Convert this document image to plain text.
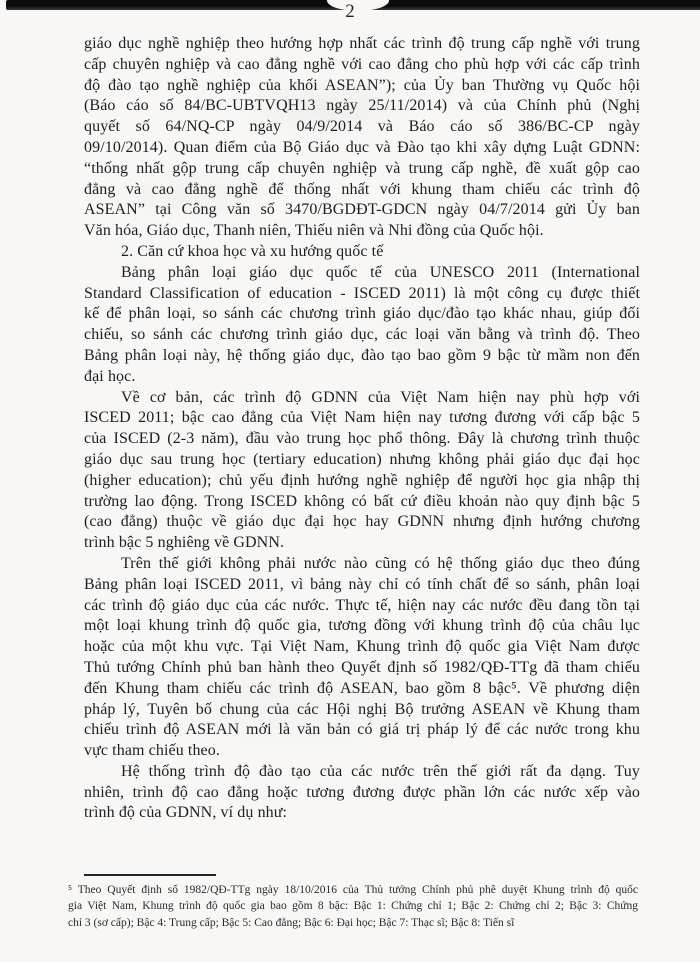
2
giáo dục nghề nghiệp theo hướng hợp nhất các trình độ trung cấp nghề với trung
cấp chuyên nghiệp và cao đẳng nghề với cao đẳng cho phù hợp với các cấp trình
độ đào tạo nghề nghiệp của khối ASEAN”); của Ủy ban Thường vụ Quốc hội
(Báo cáo số 84/BC-UBTVQH13 ngày 25/11/2014) và của Chính phủ (Nghị
quyết số 64/NQ-CP ngày 04/9/2014 và Báo cáo số 386/BC-CP ngày
09/10/2014). Quan điểm của Bộ Giáo dục và Đào tạo khi xây dựng Luật GDNN:
“thống nhất gộp trung cấp chuyên nghiệp và trung cấp nghề, đề xuất gộp cao
đẳng và cao đẳng nghề để thống nhất với khung tham chiếu các trình độ
ASEAN” tại Công văn số 3470/BGDĐT-GDCN ngày 04/7/2014 gửi Ủy ban
Văn hóa, Giáo dục, Thanh niên, Thiếu niên và Nhi đồng của Quốc hội.
2. Căn cứ khoa học và xu hướng quốc tế
Bảng phân loại giáo dục quốc tế của UNESCO 2011 (International
Standard Classification of education - ISCED 2011) là một công cụ được thiết
kế để phân loại, so sánh các chương trình giáo dục/đào tạo khác nhau, giúp đối
chiếu, so sánh các chương trình giáo dục, các loại văn bằng và trình độ. Theo
Bảng phân loại này, hệ thống giáo dục, đào tạo bao gồm 9 bậc từ mầm non đến
đại học.
Về cơ bản, các trình độ GDNN của Việt Nam hiện nay phù hợp với
ISCED 2011; bậc cao đẳng của Việt Nam hiện nay tương đương với cấp bậc 5
của ISCED (2-3 năm), đầu vào trung học phổ thông. Đây là chương trình thuộc
giáo dục sau trung học (tertiary education) nhưng không phải giáo dục đại học
(higher education); chủ yếu định hướng nghề nghiệp để người học gia nhập thị
trường lao động. Trong ISCED không có bất cứ điều khoản nào quy định bậc 5
(cao đẳng) thuộc về giáo dục đại học hay GDNN nhưng định hướng chương
trình bậc 5 nghiêng về GDNN.
Trên thế giới không phải nước nào cũng có hệ thống giáo dục theo đúng
Bảng phân loại ISCED 2011, vì bảng này chỉ có tính chất để so sánh, phân loại
các trình độ giáo dục của các nước. Thực tế, hiện nay các nước đều đang tồn tại
một loại khung trình độ quốc gia, tương đồng với khung trình độ của châu lục
hoặc của một khu vực. Tại Việt Nam, Khung trình độ quốc gia Việt Nam được
Thủ tướng Chính phủ ban hành theo Quyết định số 1982/QĐ-TTg đã tham chiếu
đến Khung tham chiếu các trình độ ASEAN, bao gồm 8 bậc⁵. Về phương diện
pháp lý, Tuyên bố chung của các Hội nghị Bộ trưởng ASEAN về Khung tham
chiếu trình độ ASEAN mới là văn bản có giá trị pháp lý để các nước trong khu
vực tham chiếu theo.
Hệ thống trình độ đào tạo của các nước trên thế giới rất đa dạng. Tuy
nhiên, trình độ cao đẳng hoặc tương đương được phần lớn các nước xếp vào
trình độ của GDNN, ví dụ như:
⁵ Theo Quyết định số 1982/QĐ-TTg ngày 18/10/2016 của Thủ tướng Chính phủ phê duyệt Khung trình độ quốc
gia Việt Nam, Khung trình độ quốc gia bao gồm 8 bậc: Bậc 1: Chứng chỉ 1; Bậc 2: Chứng chỉ 2; Bậc 3: Chứng
chỉ 3 (sơ cấp); Bậc 4: Trung cấp; Bậc 5: Cao đẳng; Bậc 6: Đại học; Bậc 7: Thạc sĩ; Bậc 8: Tiến sĩ
